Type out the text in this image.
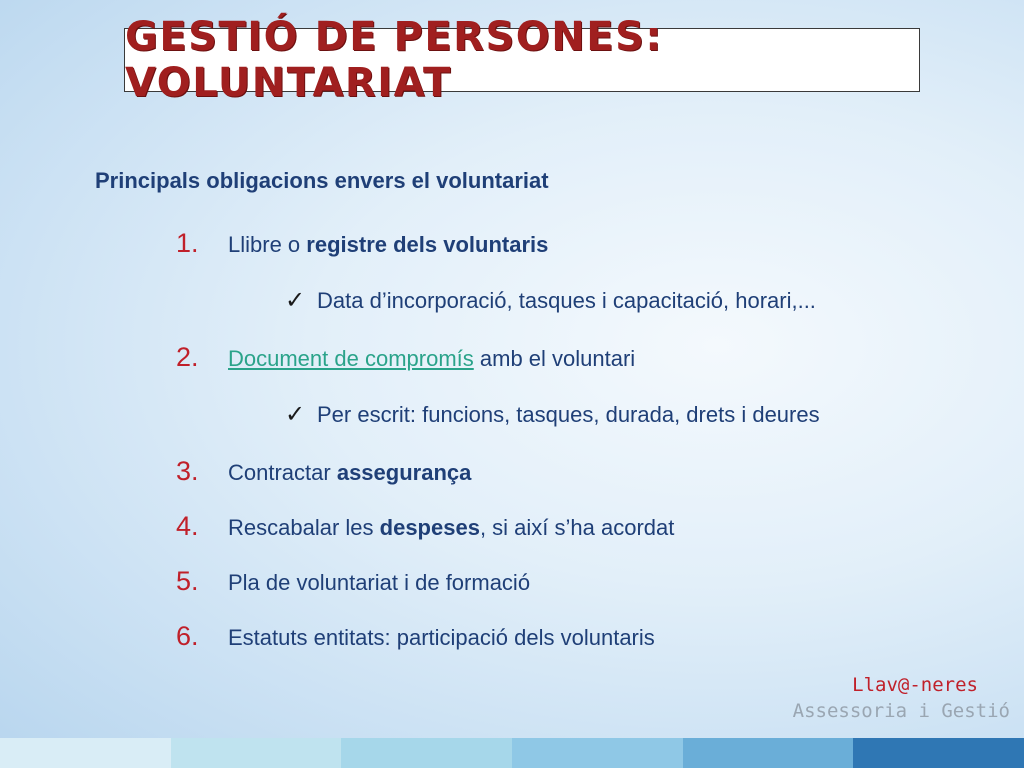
GESTIÓ DE PERSONES: VOLUNTARIAT
Principals obligacions envers el voluntariat
1.	Llibre o registre dels voluntaris
✓ Data d’incorporació, tasques i capacitació, horari,...
2.	Document de compromís amb el voluntari
✓ Per escrit: funcions, tasques, durada, drets i deures
3.	Contractar assegurança
4.	Rescabalar les despeses, si així s’ha acordat
5.	Pla de voluntariat i de formació
6.	Estatuts entitats: participació dels voluntaris
Llav@-neres
Assessoria i Gestió
